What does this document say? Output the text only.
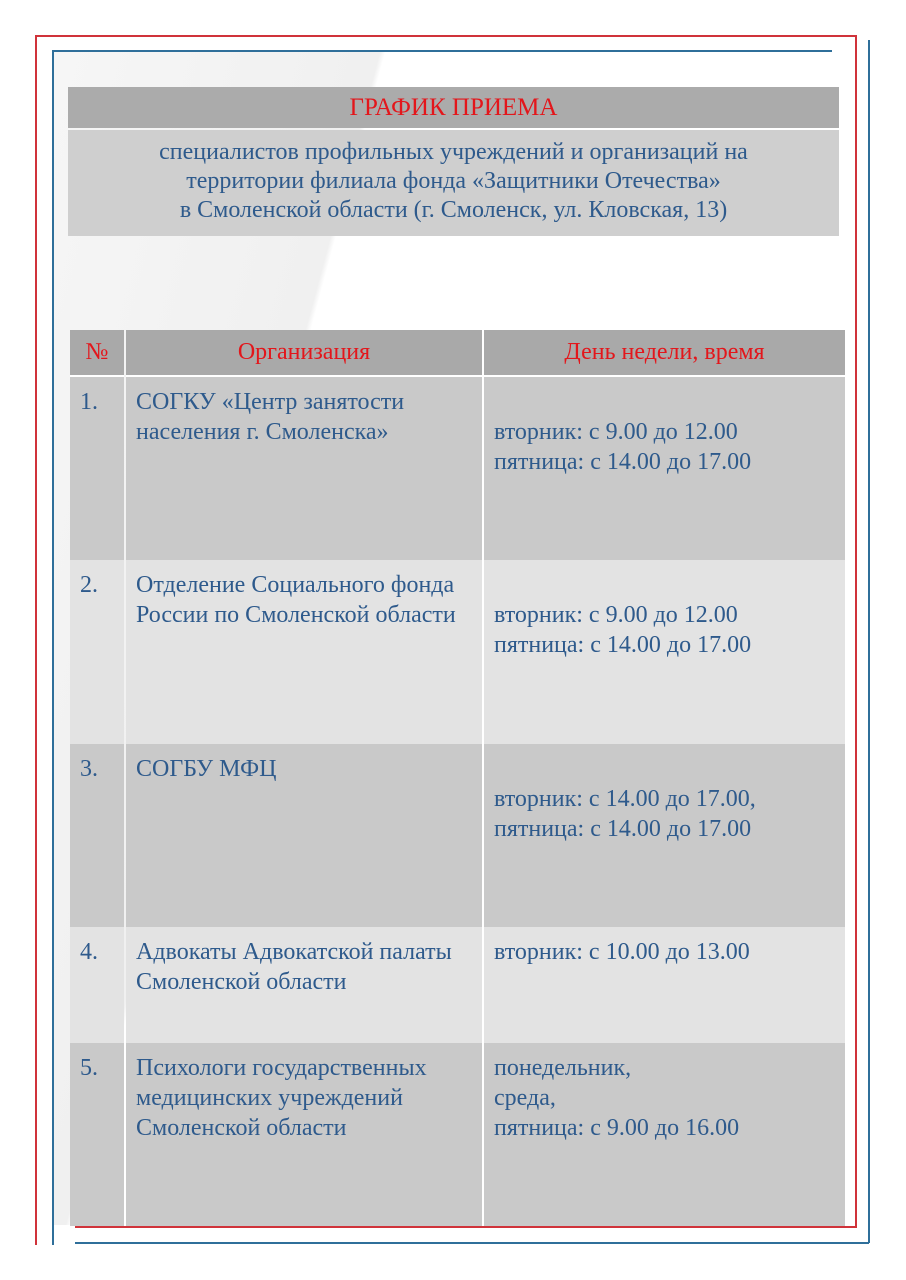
ГРАФИК ПРИЕМА
специалистов профильных учреждений и организаций на
территории филиала фонда «Защитники Отечества»
в Смоленской области (г. Смоленск, ул. Кловская, 13)
№	Организация	День недели, время
1.	СОГКУ «Центр занятости населения г. Смоленска»	вторник: с 9.00 до 12.00
пятница: с 14.00 до 17.00

2.	Отделение Социального фонда России по Смоленской области	вторник: с 9.00 до 12.00
пятница: с 14.00 до 17.00

3.	СОГБУ МФЦ	вторник: с 14.00 до 17.00,
пятница: с 14.00 до 17.00

4.	Адвокаты Адвокатской палаты Смоленской области	вторник: с 10.00 до 13.00

5.	Психологи государственных медицинских учреждений Смоленской области	понедельник,
среда,
пятница: с 9.00 до 16.00
